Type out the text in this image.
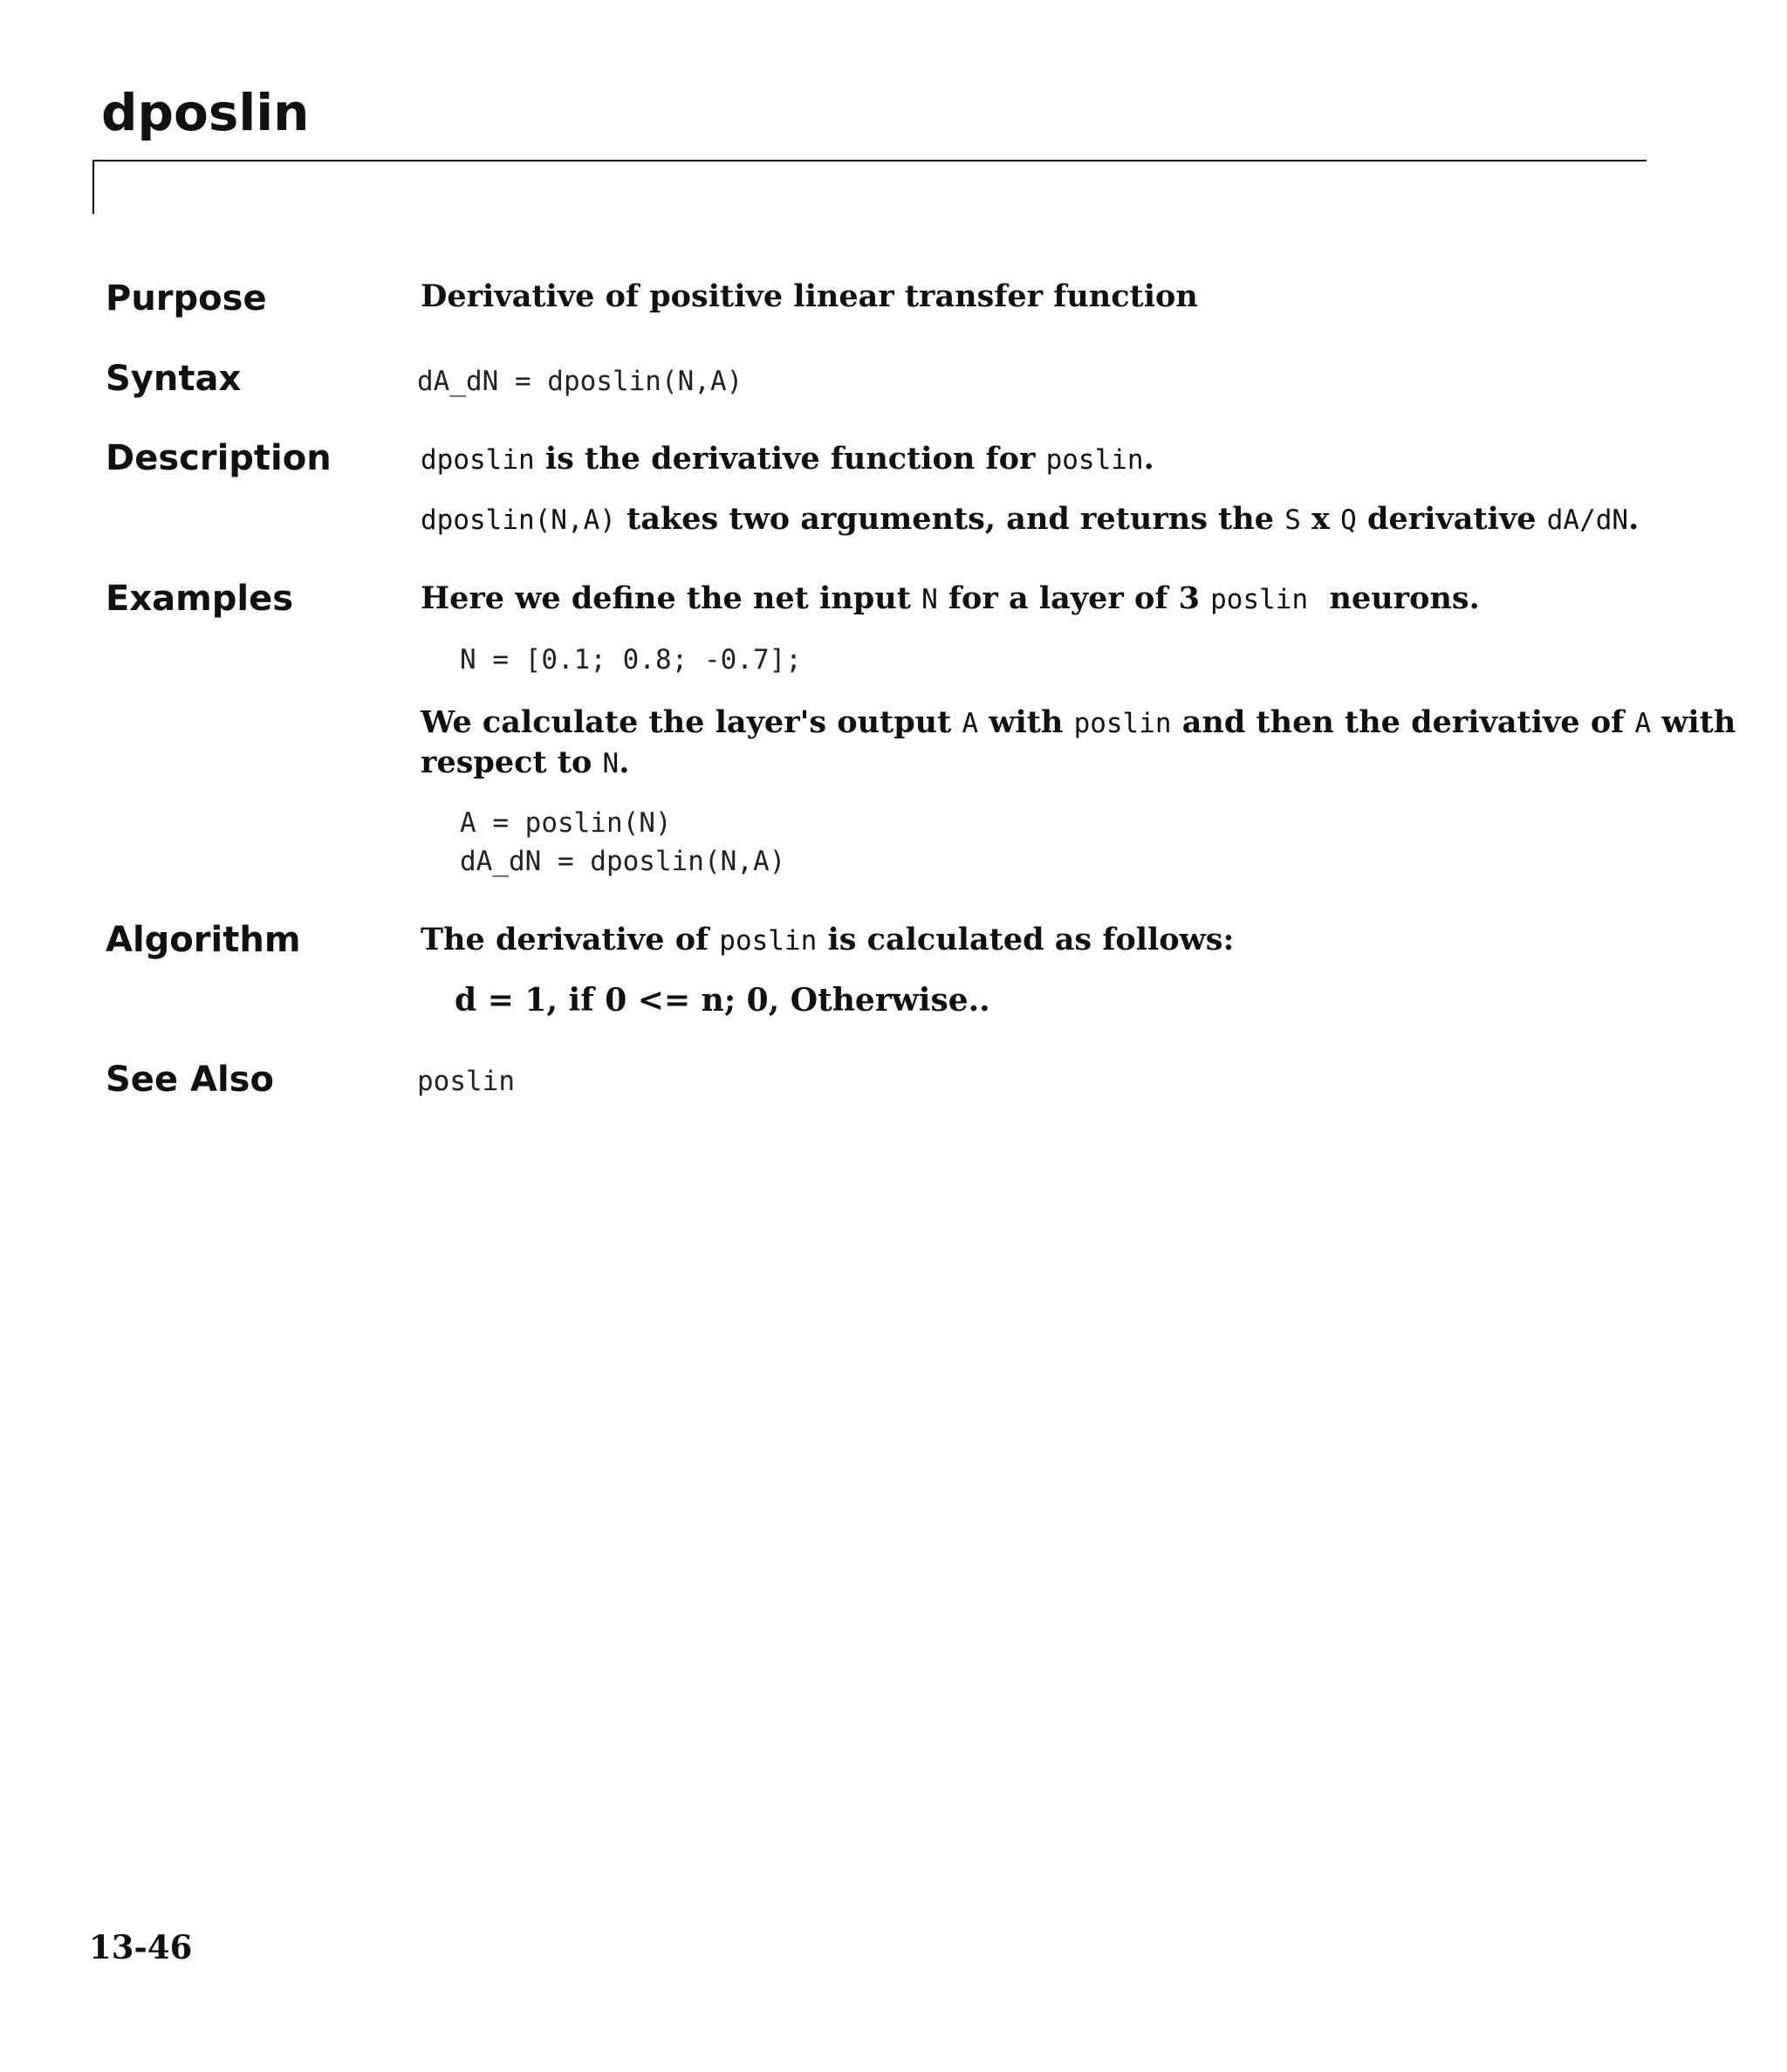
dposlin
Purpose	Derivative of positive linear transfer function
Syntax	dA_dN = dposlin(N,A)
Description	dposlin is the derivative function for poslin.
dposlin(N,A) takes two arguments, and returns the S x Q derivative dA/dN.
Examples	Here we define the net input N for a layer of 3 poslin  neurons.
N = [0.1; 0.8; -0.7];
We calculate the layer's output A with poslin and then the derivative of A with
respect to N.
A = poslin(N)
dA_dN = dposlin(N,A)
Algorithm	The derivative of poslin is calculated as follows:
d = 1, if 0 <= n; 0, Otherwise..
See Also	poslin
13-46
